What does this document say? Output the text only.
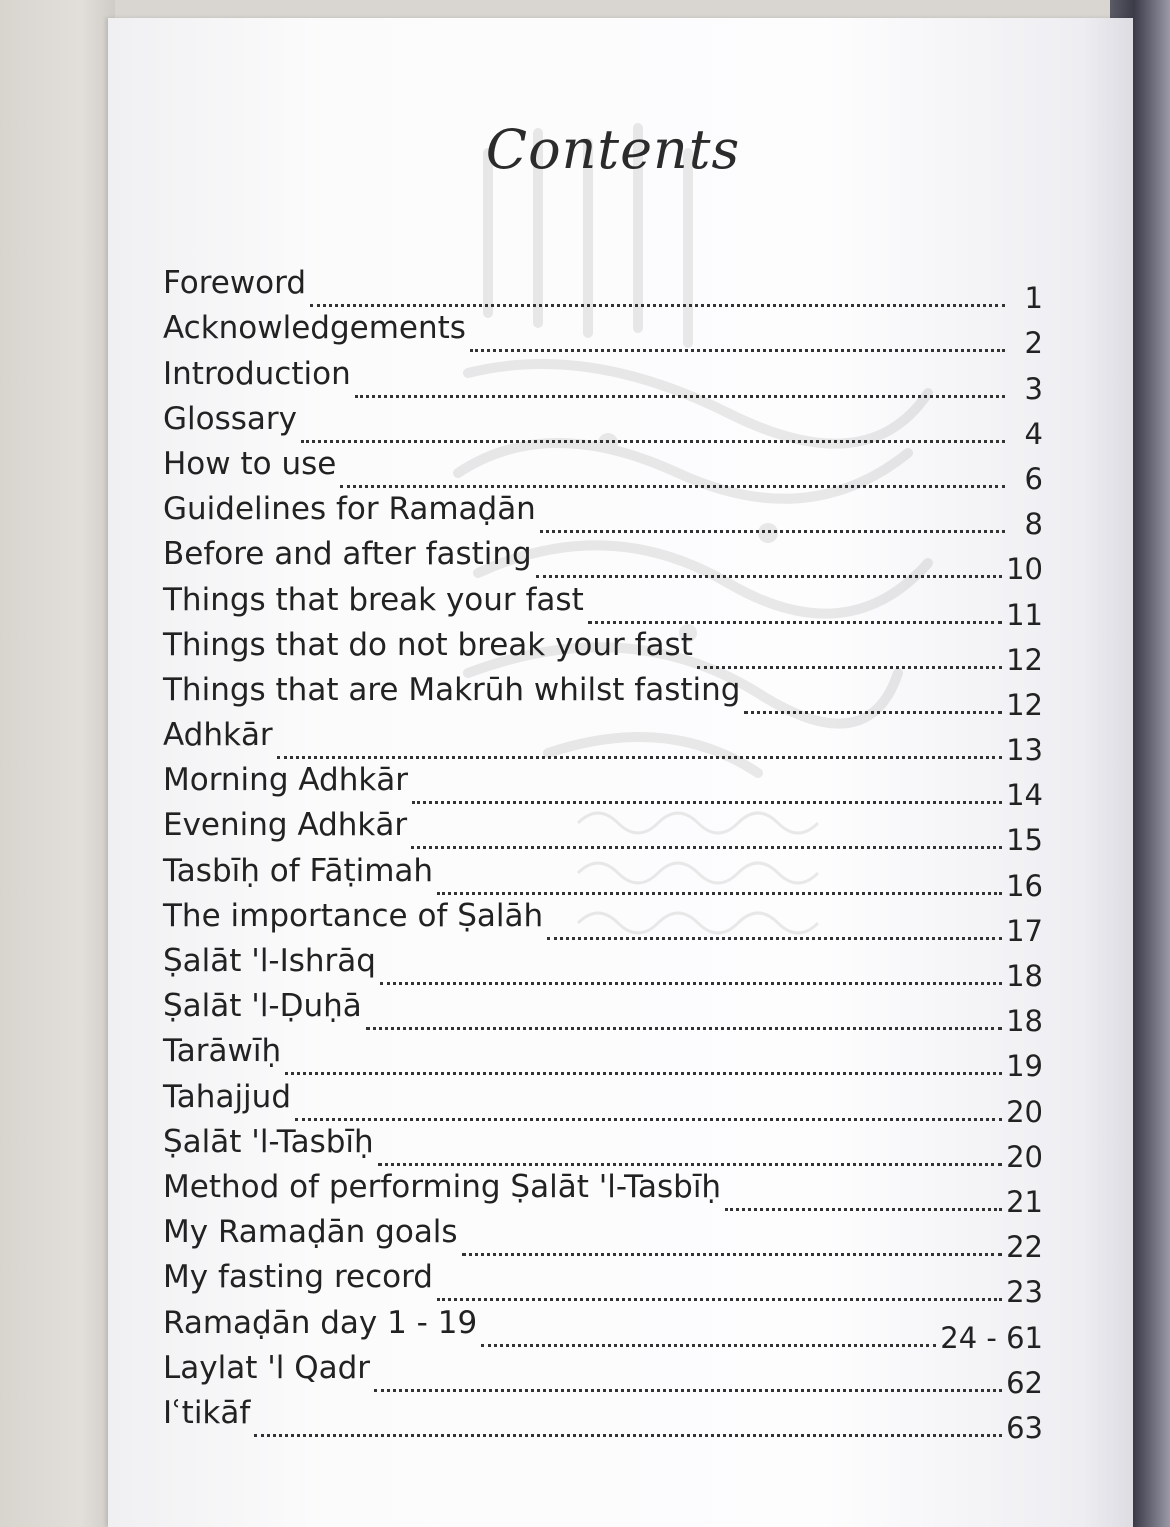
Contents
Foreword	1
Acknowledgements	2
Introduction	3
Glossary	4
How to use	6
Guidelines for Ramaḍān	8
Before and after fasting	10
Things that break your fast	11
Things that do not break your fast	12
Things that are Makrūh whilst fasting	12
Adhkār	13
Morning Adhkār	14
Evening Adhkār	15
Tasbīḥ of Fāṭimah	16
The importance of Ṣalāh	17
Ṣalāt 'l-Ishrāq	18
Ṣalāt 'l-Ḍuḥā	18
Tarāwīḥ	19
Tahajjud	20
Ṣalāt 'l-Tasbīḥ	20
Method of performing Ṣalāt 'l-Tasbīḥ	21
My Ramaḍān goals	22
My fasting record	23
Ramaḍān day 1 - 19	24 - 61
Laylat 'l Qadr	62
Iʿtikāf	63
